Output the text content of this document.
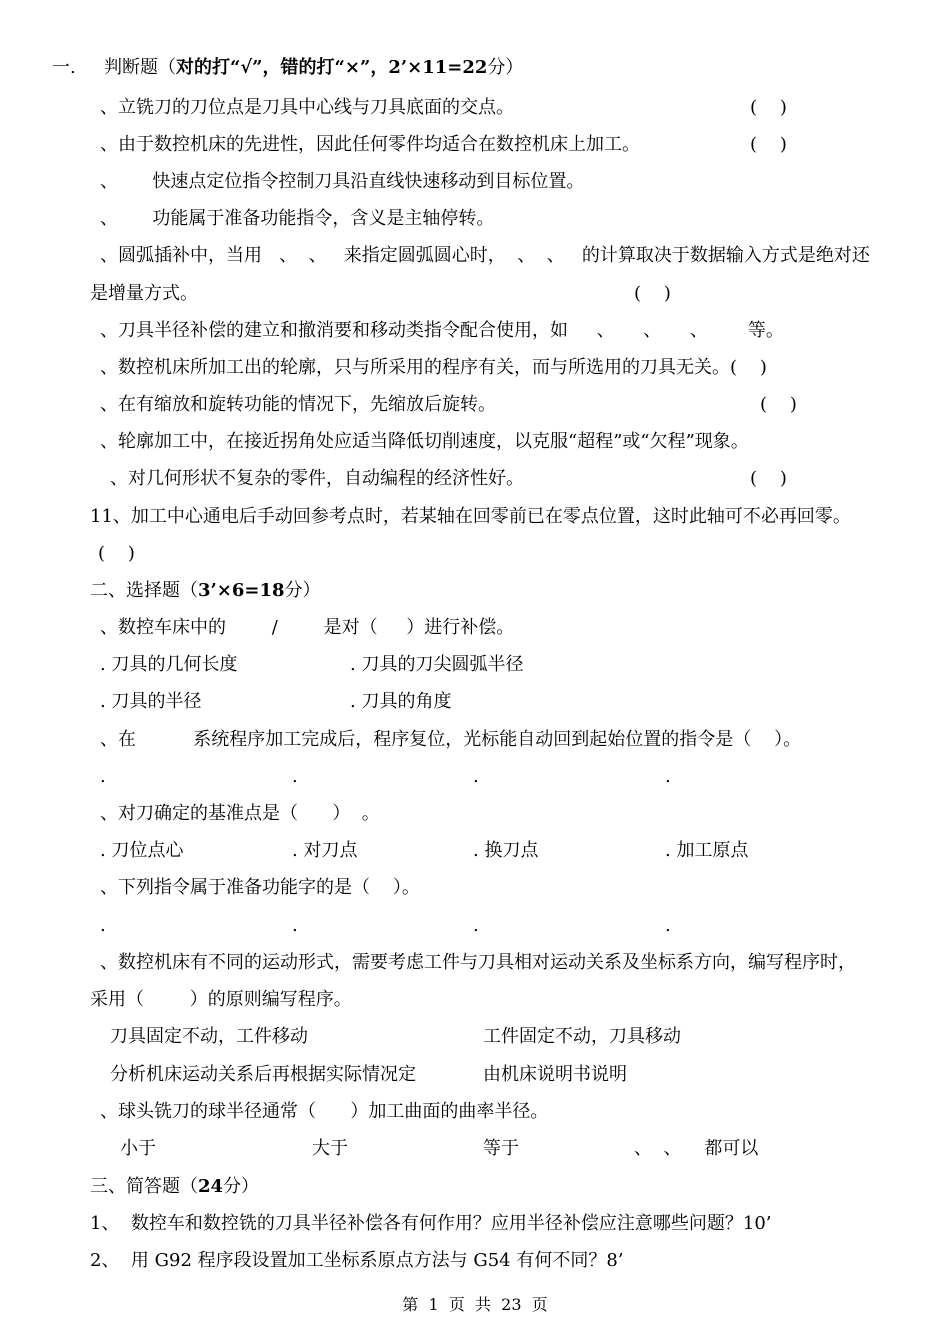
一. 判断题（对的打“√”，错的打“×”，2’×11=22分）
、立铣刀的刀位点是刀具中心线与刀具底面的交点。	(    )
、由于数控机床的先进性，因此任何零件均适合在数控机床上加工。	(    )
、      快速点定位指令控制刀具沿直线快速移动到目标位置。
、      功能属于准备功能指令，含义是主轴停转。
、圆弧插补中，当用   、  、   来指定圆弧圆心时，  、  、   的计算取决于数据输入方式是绝对还
是增量方式。	(    )
、刀具半径补偿的建立和撤消要和移动类指令配合使用，如     、     、     、       等。
、数控机床所加工出的轮廓，只与所采用的程序有关，而与所选用的刀具无关。(    )
、在有缩放和旋转功能的情况下，先缩放后旋转。	(    )
、轮廓加工中，在接近拐角处应适当降低切削速度，以克服“超程”或“欠程”现象。
、对几何形状不复杂的零件，自动编程的经济性好。	(    )
11、加工中心通电后手动回参考点时，若某轴在回零前已在零点位置，这时此轴可不必再回零。
(    )
二、选择题（3’×6=18分）
、数控车床中的        /        是对（     ）进行补偿。
. 刀具的几何长度	. 刀具的刀尖圆弧半径
. 刀具的半径	. 刀具的角度
、在          系统程序加工完成后，程序复位，光标能自动回到起始位置的指令是（    ）。
.	.	.	.
、对刀确定的基准点是（      ）  。
. 刀位点心	. 对刀点	. 换刀点	. 加工原点
、下列指令属于准备功能字的是（    ）。
.	.	.	.
、数控机床有不同的运动形式，需要考虑工件与刀具相对运动关系及坐标系方向，编写程序时，
采用（        ）的原则编写程序。
刀具固定不动，工件移动	工件固定不动，刀具移动
分析机床运动关系后再根据实际情况定	由机床说明书说明
、球头铣刀的球半径通常（      ）加工曲面的曲率半径。
小于	大于	等于	、  、    都可以
三、简答题（24分）
1、  数控车和数控铣的刀具半径补偿各有何作用？应用半径补偿应注意哪些问题？10’
2、  用 G92 程序段设置加工坐标系原点方法与 G54 有何不同？8’
第  1  页  共  23  页
